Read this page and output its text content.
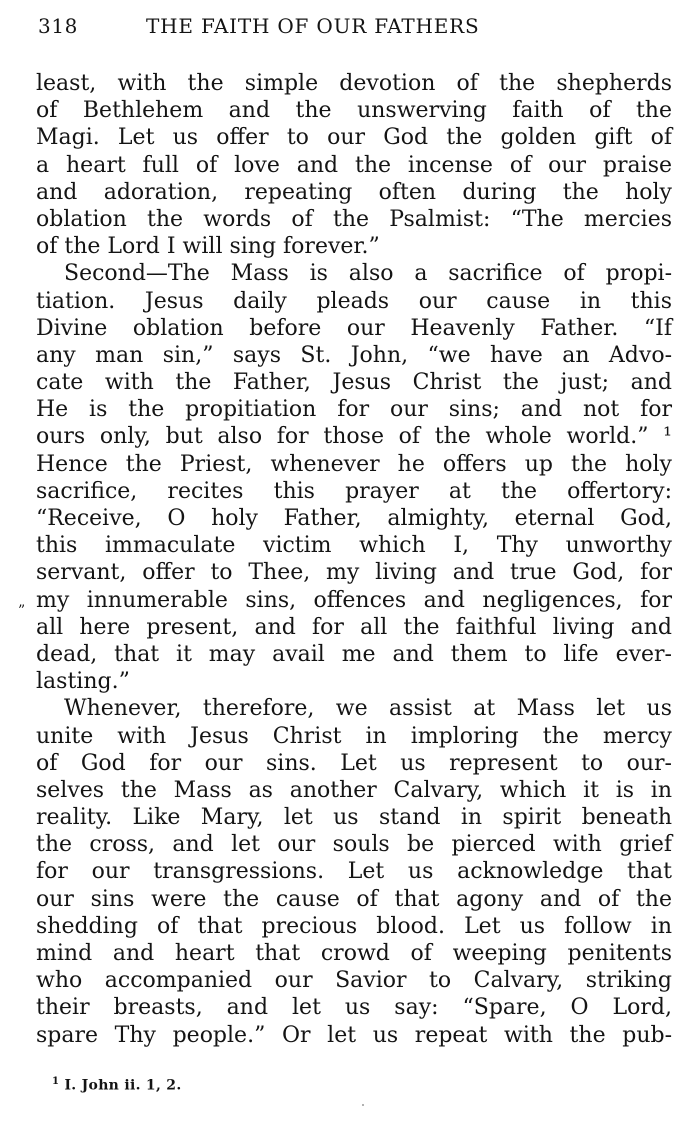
318	THE FAITH OF OUR FATHERS
least, with the simple devotion of the shepherds
of Bethlehem and the unswerving faith of the
Magi. Let us offer to our God the golden gift of
a heart full of love and the incense of our praise
and adoration, repeating often during the holy
oblation the words of the Psalmist: “The mercies
of the Lord I will sing forever.”
Second—The Mass is also a sacrifice of propi-
tiation. Jesus daily pleads our cause in this
Divine oblation before our Heavenly Father. “If
any man sin,” says St. John, “we have an Advo-
cate with the Father, Jesus Christ the just; and
He is the propitiation for our sins; and not for
ours only, but also for those of the whole world.” ¹
Hence the Priest, whenever he offers up the holy
sacrifice, recites this prayer at the offertory:
“Receive, O holy Father, almighty, eternal God,
this immaculate victim which I, Thy unworthy
servant, offer to Thee, my living and true God, for
my innumerable sins, offences and negligences, for
all here present, and for all the faithful living and
dead, that it may avail me and them to life ever-
lasting.”
Whenever, therefore, we assist at Mass let us
unite with Jesus Christ in imploring the mercy
of God for our sins. Let us represent to our-
selves the Mass as another Calvary, which it is in
reality. Like Mary, let us stand in spirit beneath
the cross, and let our souls be pierced with grief
for our transgressions. Let us acknowledge that
our sins were the cause of that agony and of the
shedding of that precious blood. Let us follow in
mind and heart that crowd of weeping penitents
who accompanied our Savior to Calvary, striking
their breasts, and let us say: “Spare, O Lord,
spare Thy people.” Or let us repeat with the pub-
”
$^1$ I. John ii. 1, 2.
